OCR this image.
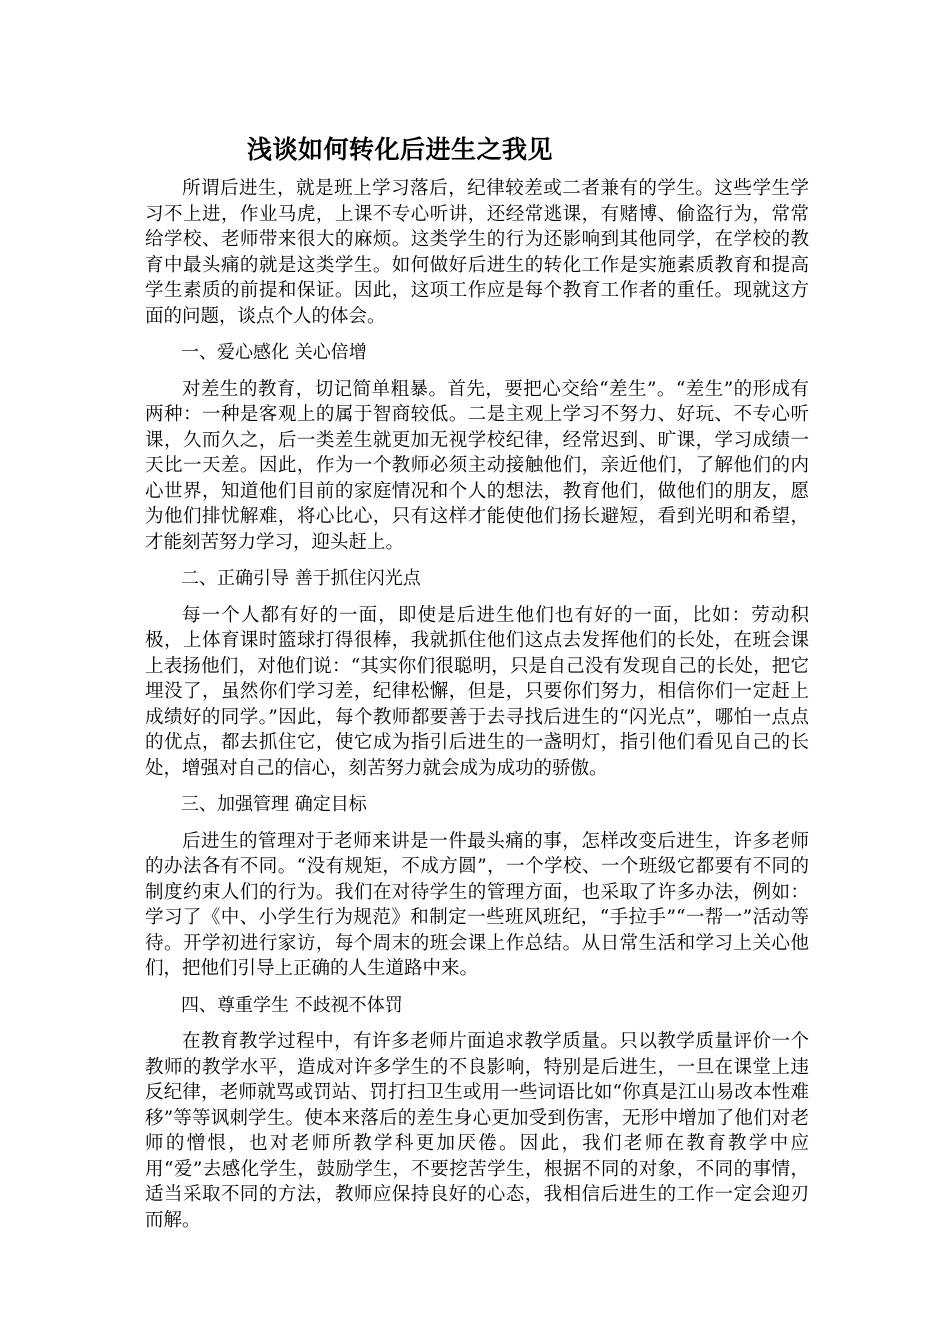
浅谈如何转化后进生之我见

所谓后进生，就是班上学习落后，纪律较差或二者兼有的学生。这些学生学习不上进，作业马虎，上课不专心听讲，还经常逃课，有赌博、偷盗行为，常常给学校、老师带来很大的麻烦。这类学生的行为还影响到其他同学，在学校的教育中最头痛的就是这类学生。如何做好后进生的转化工作是实施素质教育和提高学生素质的前提和保证。因此，这项工作应是每个教育工作者的重任。现就这方面的问题，谈点个人的体会。

一、爱心感化 关心倍增

对差生的教育，切记简单粗暴。首先，要把心交给“差生”。“差生”的形成有两种：一种是客观上的属于智商较低。二是主观上学习不努力、好玩、不专心听课，久而久之，后一类差生就更加无视学校纪律，经常迟到、旷课，学习成绩一天比一天差。因此，作为一个教师必须主动接触他们，亲近他们，了解他们的内心世界，知道他们目前的家庭情况和个人的想法，教育他们，做他们的朋友，愿为他们排忧解难，将心比心，只有这样才能使他们扬长避短，看到光明和希望，才能刻苦努力学习，迎头赶上。

二、正确引导 善于抓住闪光点

每一个人都有好的一面，即使是后进生他们也有好的一面，比如：劳动积极，上体育课时篮球打得很棒，我就抓住他们这点去发挥他们的长处，在班会课上表扬他们，对他们说：“其实你们很聪明，只是自己没有发现自己的长处，把它埋没了，虽然你们学习差，纪律松懈，但是，只要你们努力，相信你们一定赶上成绩好的同学。”因此，每个教师都要善于去寻找后进生的“闪光点”，哪怕一点点的优点，都去抓住它，使它成为指引后进生的一盏明灯，指引他们看见自己的长处，增强对自己的信心，刻苦努力就会成为成功的骄傲。

三、加强管理 确定目标

后进生的管理对于老师来讲是一件最头痛的事，怎样改变后进生，许多老师的办法各有不同。“没有规矩，不成方圆”，一个学校、一个班级它都要有不同的制度约束人们的行为。我们在对待学生的管理方面，也采取了许多办法，例如：学习了《中、小学生行为规范》和制定一些班风班纪，“手拉手”“一帮一”活动等待。开学初进行家访，每个周末的班会课上作总结。从日常生活和学习上关心他们，把他们引导上正确的人生道路中来。

四、尊重学生 不歧视不体罚

在教育教学过程中，有许多老师片面追求教学质量。只以教学质量评价一个教师的教学水平，造成对许多学生的不良影响，特别是后进生，一旦在课堂上违反纪律，老师就骂或罚站、罚打扫卫生或用一些词语比如“你真是江山易改本性难移”等等讽刺学生。使本来落后的差生身心更加受到伤害，无形中增加了他们对老师的憎恨，也对老师所教学科更加厌倦。因此，我们老师在教育教学中应用“爱”去感化学生，鼓励学生，不要挖苦学生，根据不同的对象，不同的事情，适当采取不同的方法，教师应保持良好的心态，我相信后进生的工作一定会迎刃而解。
